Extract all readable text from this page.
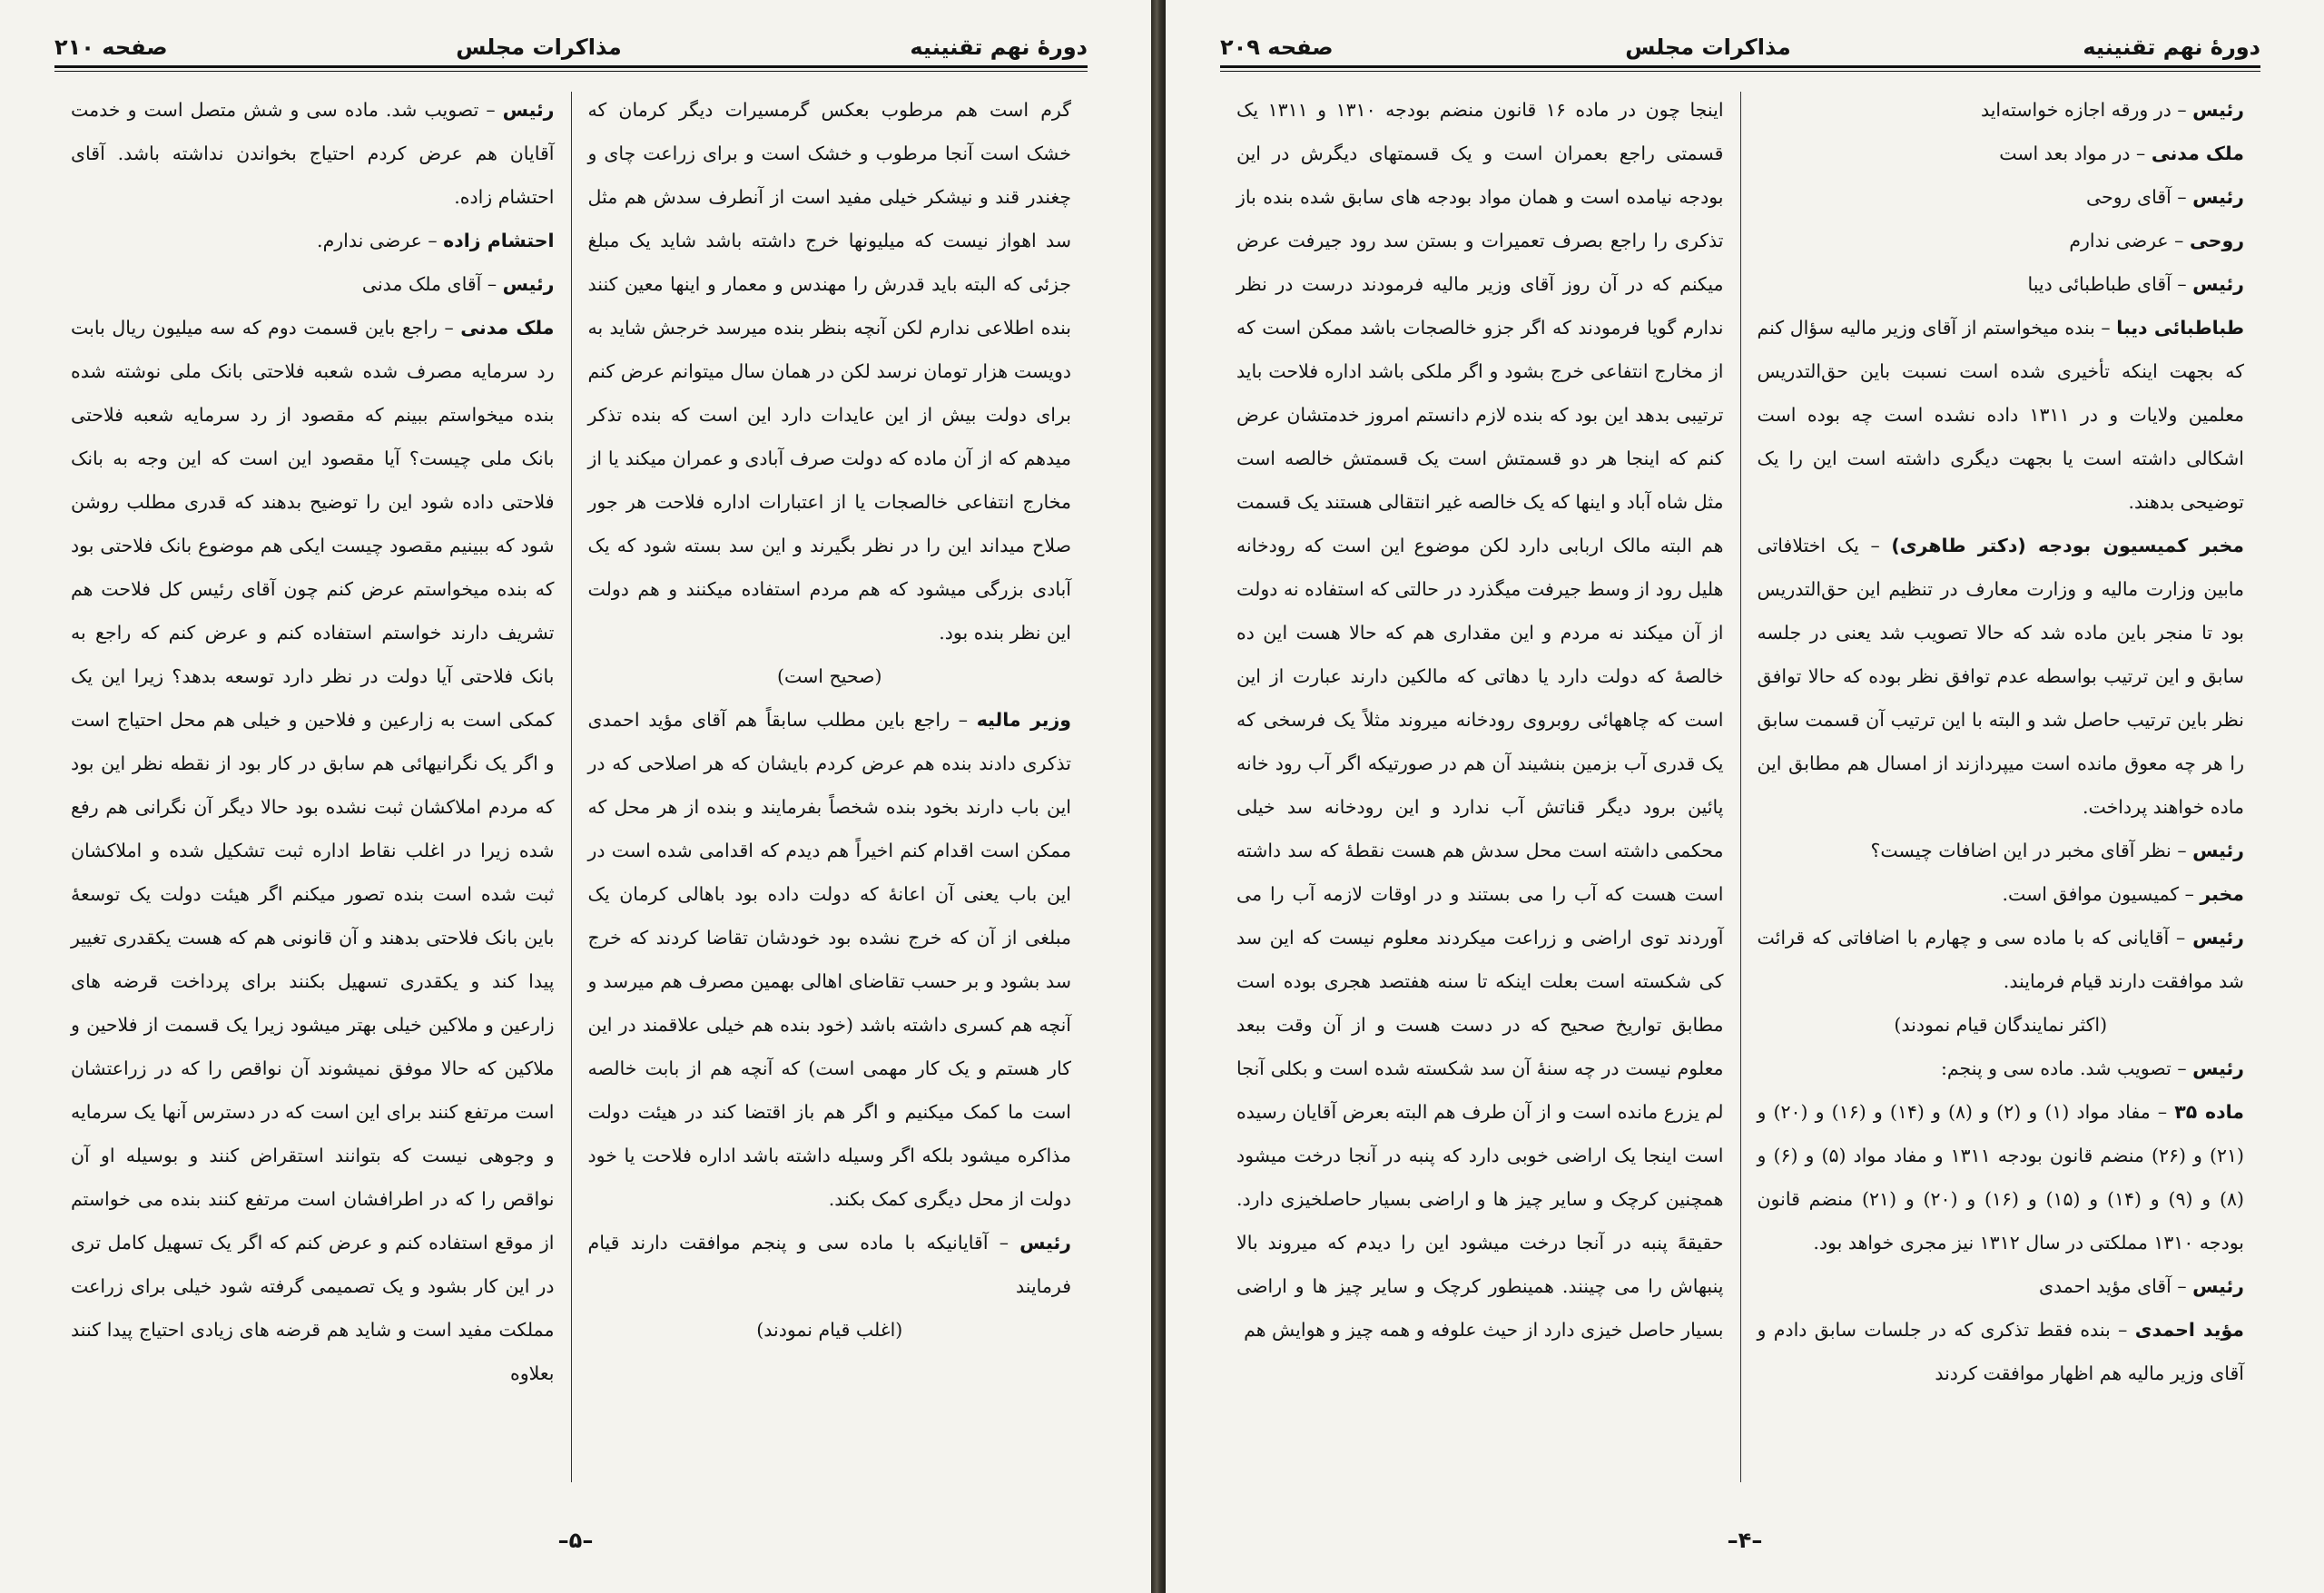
دورهٔ نهم تقنینیه
مذاکرات مجلس
صفحه ۲۱۰

گرم است هم مرطوب بعکس گرمسیرات دیگر کرمان که خشک است آنجا مرطوب و خشک است و برای زراعت چای و چغندر قند و نیشکر خیلی مفید است از آنطرف سدش هم مثل سد اهواز نیست که میلیونها خرج داشته باشد شاید یک مبلغ جزئی که البته باید قدرش را مهندس و معمار و اینها معین کنند بنده اطلاعی ندارم لکن آنچه بنظر بنده میرسد خرجش شاید به دویست هزار تومان نرسد لکن در همان سال میتوانم عرض کنم برای دولت بیش از این عایدات دارد این است که بنده تذکر میدهم که از آن ماده‌ که دولت صرف آبادی و عمران میکند یا از مخارج انتفاعی خالصجات یا از اعتبارات اداره فلاحت هر جور صلاح میداند این را در نظر بگیرند و این سد بسته شود که یک آبادی بزرگی میشود که هم مردم استفاده میکنند و هم دولت این نظر بنده بود.

(صحیح است)

وزیر مالیه – راجع باین مطلب سابقاً هم آقای مؤید احمدی تذکری دادند بنده هم عرض کردم بایشان که هر اصلاحی که در این باب دارند بخود بنده شخصاً بفرمایند و بنده از هر محل که ممکن است اقدام کنم اخیراً هم دیدم که اقدامی شده است در این باب یعنی آن اعانهٔ که دولت داده بود باهالی کرمان یک مبلغی از آن که خرج نشده بود خودشان تقاضا کردند که خرج سد بشود و بر حسب تقاضای اهالی بهمین مصرف هم میرسد و آنچه هم کسری داشته باشد (خود بنده هم خیلی علاقمند در این کار هستم و یک کار مهمی است) که آنچه هم از بابت خالصه است ما کمک میکنیم و اگر هم باز اقتضا کند در هیئت دولت مذاکره میشود بلکه اگر وسیله داشته باشد اداره فلاحت یا خود دولت از محل دیگری کمک بکند.

رئیس – آقایانیکه با ماده سی و پنجم موافقت دارند قیام فرمایند

(اغلب قیام نمودند)

رئیس – تصویب شد. ماده سی و شش متصل است و خدمت آقایان هم عرض کردم احتیاج بخواندن نداشته باشد. آقای احتشام زاده.

احتشام زاده – عرضی ندارم.

رئیس – آقای ملک مدنی

ملک مدنی – راجع باین قسمت دوم که سه میلیون ریال بابت رد سرمایه مصرف شده شعبه فلاحتی بانک ملی نوشته شده بنده میخواستم ببینم که مقصود از رد سرمایه شعبه فلاحتی بانک ملی چیست؟ آیا مقصود این است که این وجه به بانک فلاحتی داده شود این را توضیح بدهند که قدری مطلب روشن شود که ببینیم مقصود چیست ایکی هم موضوع بانک فلاحتی بود که بنده میخواستم عرض کنم چون آقای رئیس کل فلاحت هم تشریف دارند خواستم استفاده کنم و عرض کنم که راجع به بانک فلاحتی آیا دولت در نظر دارد توسعه بدهد؟ زیرا این یک کمکی است به زارعین و فلاحین و خیلی هم محل احتیاج است و اگر یک نگرانیهائی هم سابق در کار بود از نقطه نظر این بود که مردم املاکشان ثبت نشده بود حالا دیگر آن نگرانی هم رفع شده زیرا در اغلب نقاط اداره ثبت تشکیل شده و املاکشان ثبت شده است بنده تصور میکنم اگر هیئت دولت یک توسعهٔ باین بانک فلاحتی بدهند و آن قانونی هم که هست یکقدری تغییر پیدا کند و یکقدری تسهیل بکنند برای پرداخت قرضه های زارعین و ملاکین خیلی بهتر میشود زیرا یک قسمت از فلاحین و ملاکین که حالا موفق نمیشوند آن نواقص را که در زراعتشان است مرتفع کنند برای این است که در دسترس آنها یک سرمایه و وجوهی نیست که بتوانند استقراض کنند و بوسیله او آن نواقص را که در اطرافشان است مرتفع کنند بنده می خواستم از موقع استفاده کنم و عرض کنم که اگر یک تسهیل کامل تری در این کار بشود و یک تصمیمی گرفته شود خیلی برای زراعت مملکت مفید است و شاید هم قرضه های زیادی احتیاج پیدا کنند بعلاوه

–۵–
دورهٔ نهم تقنینیه
مذاکرات مجلس
صفحه ۲۰۹

رئیس – در ورقه اجازه خواسته‌اید

ملک مدنی – در مواد بعد است

رئیس – آقای روحی

روحی – عرضی ندارم

رئیس – آقای طباطبائی دیبا

طباطبائی دیبا – بنده میخواستم از آقای وزیر مالیه سؤال کنم که بجهت اینکه تأخیری شده است نسبت باین حق‌التدریس معلمین ولایات و در ۱۳۱۱ داده نشده است چه بوده است اشکالی داشته است یا بجهت دیگری داشته است این را یک توضیحی بدهند.

مخبر کمیسیون بودجه (دکتر طاهری) – یک اختلافاتی مابین وزارت مالیه و وزارت معارف در تنظیم این حق‌التدریس بود تا منجر باین ماده شد که حالا تصویب شد یعنی در جلسه سابق و این ترتیب بواسطه عدم توافق نظر بوده که حالا توافق نظر باین ترتیب حاصل شد و البته با این ترتیب آن قسمت سابق را هر چه معوق مانده است میپردازند از امسال هم مطابق این ماده خواهند پرداخت.

رئیس – نظر آقای مخبر در این اضافات چیست؟

مخبر – کمیسیون موافق است.

رئیس – آقایانی که با ماده سی و چهارم با اضافاتی که قرائت شد موافقت دارند قیام فرمایند.

(اکثر نمایندگان قیام نمودند)

رئیس – تصویب شد. ماده سی و پنجم:

ماده ۳۵ – مفاد مواد (۱) و (۲) و (۸) و (۱۴) و (۱۶) و (۲۰) و (۲۱) و (۲۶) منضم قانون بودجه ۱۳۱۱ و مفاد مواد (۵) و (۶) و (۸) و (۹) و (۱۴) و (۱۵) و (۱۶) و (۲۰) و (۲۱) منضم قانون بودجه ۱۳۱۰ مملکتی در سال ۱۳۱۲ نیز مجری خواهد بود.

رئیس – آقای مؤید احمدی

مؤید احمدی – بنده فقط تذکری که در جلسات سابق دادم و آقای وزیر مالیه هم اظهار موافقت کردند

اینجا چون در ماده ۱۶ قانون منضم بودجه ۱۳۱۰ و ۱۳۱۱ یک قسمتی راجع بعمران است و یک قسمتهای دیگرش در این بودجه نیامده است و همان مواد بودجه های سابق شده بنده باز تذکری را راجع بصرف تعمیرات و بستن سد رود جیرفت عرض میکنم که در آن روز آقای وزیر مالیه فرمودند درست در نظر ندارم گویا فرمودند که اگر جزو خالصجات باشد ممکن است که از مخارج انتفاعی خرج بشود و اگر ملکی باشد اداره فلاحت باید ترتیبی بدهد این بود که بنده لازم دانستم امروز خدمتشان عرض کنم که اینجا هر دو قسمتش است یک قسمتش خالصه است مثل شاه آباد و اینها که یک خالصه غیر انتقالی هستند یک قسمت هم البته مالک اربابی دارد لکن موضوع این است که رودخانه هلیل رود از وسط جیرفت میگذرد در حالتی که استفاده نه دولت از آن میکند نه مردم و این مقداری هم که حالا هست این ده خالصهٔ که دولت دارد یا دهاتی که مالکین دارند عبارت از این است که چاههائی روبروی رودخانه میروند مثلاً یک فرسخی که یک قدری آب بزمین بنشیند آن هم در صورتیکه اگر آب رود خانه پائین برود دیگر قناتش آب ندارد و این رودخانه سد خیلی محکمی داشته است محل سدش هم هست نقطهٔ که سد داشته است هست که آب را می بستند و در اوقات لازمه آب را می آوردند توی اراضی و زراعت میکردند معلوم نیست که این سد کی شکسته است بعلت اینکه تا سنه هفتصد هجری بوده است مطابق تواریخ صحیح که در دست هست و از آن وقت ببعد معلوم نیست در چه سنهٔ آن سد شکسته شده است و بکلی آنجا لم یزرع مانده است و از آن طرف هم البته بعرض آقایان رسیده است اینجا یک اراضی خوبی دارد که پنبه در آنجا درخت میشود همچنین کرچک و سایر چیز ها و اراضی بسیار حاصلخیزی دارد. حقیقهً پنبه در آنجا درخت میشود این را دیدم که میروند بالا پنبهاش را می چینند. همینطور کرچک و سایر چیز ها و اراضی بسیار حاصل خیزی دارد از حیث علوفه و همه چیز و هوایش هم

–۴–
